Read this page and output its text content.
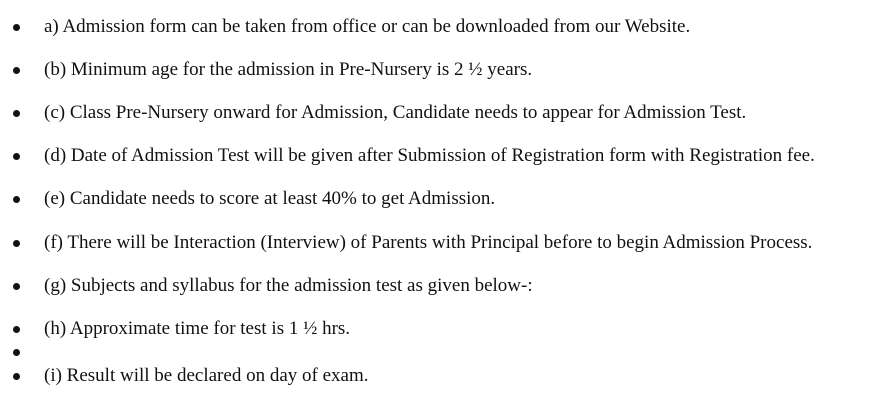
a) Admission form can be taken from office or can be downloaded from our Website.
(b) Minimum age for the admission in Pre-Nursery is 2 ½ years.
(c) Class Pre-Nursery onward for Admission, Candidate needs to appear for Admission Test.
(d) Date of Admission Test will be given after Submission of Registration form with Registration fee.
(e) Candidate needs to score at least 40% to get Admission.
(f) There will be Interaction (Interview) of Parents with Principal before to begin Admission Process.
(g) Subjects and syllabus for the admission test as given below-:
(h) Approximate time for test is 1 ½ hrs.
(i) Result will be declared on day of exam.
